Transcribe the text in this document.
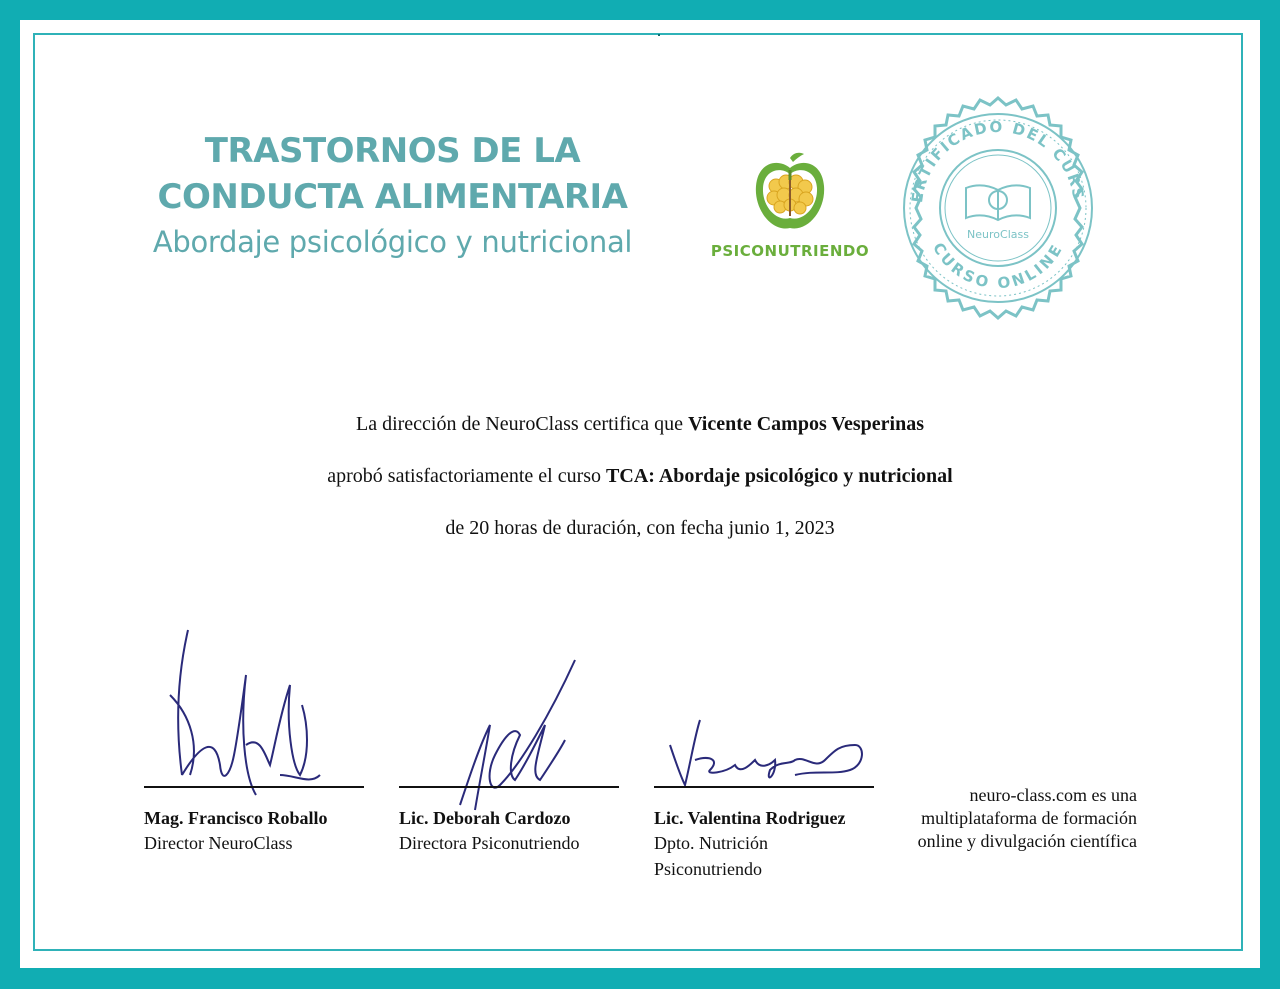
TRASTORNOS DE LA
CONDUCTA ALIMENTARIA
Abordaje psicológico y nutricional	PSICONUTRIENDO
ERTIFICADO DEL CURS
CURSO ONLINE
NeuroClass
La dirección de NeuroClass certifica que Vicente Campos Vesperinas
aprobó satisfactoriamente el curso TCA: Abordaje psicológico y nutricional
de 20 horas de duración, con fecha junio 1, 2023
Mag. Francisco Roballo
Director NeuroClass
Lic. Deborah Cardozo
Directora Psiconutriendo
Lic. Valentina Rodriguez
Dpto. Nutrición
Psiconutriendo
neuro-class.com es una
multiplataforma de formación
online y divulgación científica
